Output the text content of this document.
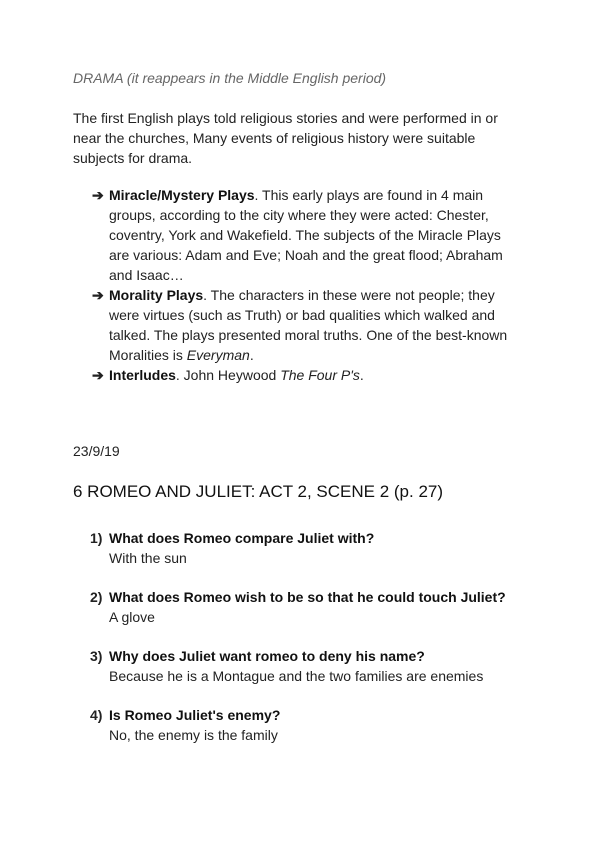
DRAMA (it reappears in the Middle English period)
The first English plays told religious stories and were performed in or near the churches, Many events of religious history were suitable subjects for drama.
➔ Miracle/Mystery Plays. This early plays are found in 4 main groups, according to the city where they were acted: Chester, coventry, York and Wakefield. The subjects of the Miracle Plays are various: Adam and Eve; Noah and the great flood; Abraham and Isaac…
➔ Morality Plays. The characters in these were not people; they were virtues (such as Truth) or bad qualities which walked and talked. The plays presented moral truths. One of the best-known Moralities is Everyman.
➔ Interludes. John Heywood The Four P's.
23/9/19
6 ROMEO AND JULIET: ACT 2, SCENE 2 (p. 27)
1) What does Romeo compare Juliet with?
With the sun
2) What does Romeo wish to be so that he could touch Juliet?
A glove
3) Why does Juliet want romeo to deny his name?
Because he is a Montague and the two families are enemies
4) Is Romeo Juliet's enemy?
No, the enemy is the family
